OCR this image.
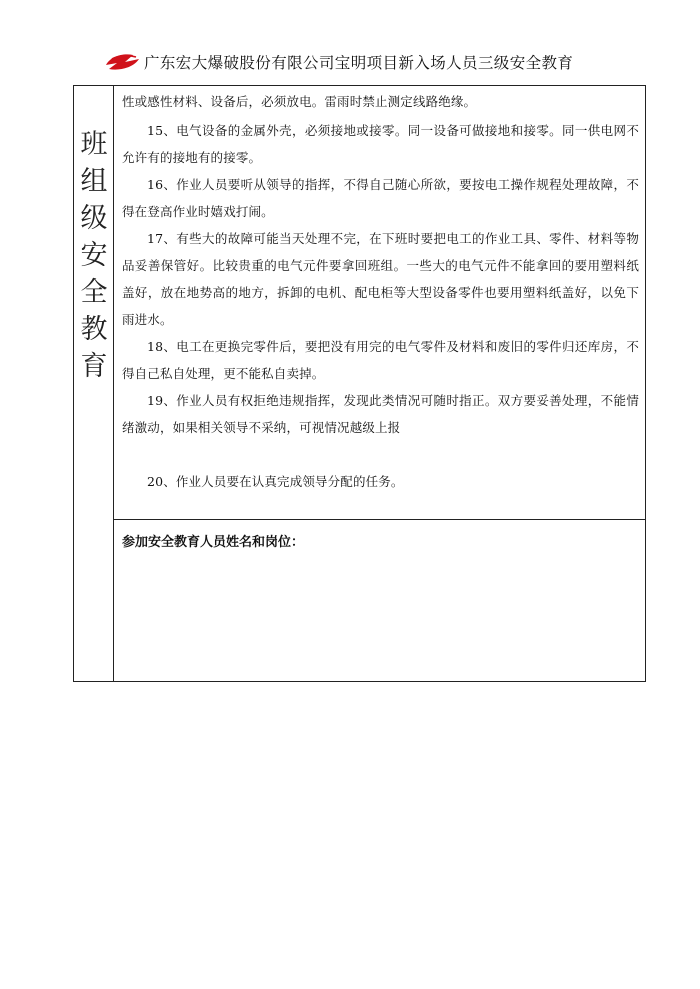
广东宏大爆破股份有限公司宝明项目新入场人员三级安全教育
班
组
级
安
全
教
育

性或感性材料、设备后，必须放电。雷雨时禁止测定线路绝缘。

15、电气设备的金属外壳，必须接地或接零。同一设备可做接地和接零。同一供电网不允许有的接地有的接零。

16、作业人员要听从领导的指挥，不得自己随心所欲，要按电工操作规程处理故障，不得在登高作业时嬉戏打闹。

17、有些大的故障可能当天处理不完，在下班时要把电工的作业工具、零件、材料等物品妥善保管好。比较贵重的电气元件要拿回班组。一些大的电气元件不能拿回的要用塑料纸盖好，放在地势高的地方，拆卸的电机、配电柜等大型设备零件也要用塑料纸盖好，以免下雨进水。

18、电工在更换完零件后，要把没有用完的电气零件及材料和废旧的零件归还库房，不得自己私自处理，更不能私自卖掉。

19、作业人员有权拒绝违规指挥，发现此类情况可随时指正。双方要妥善处理，不能情绪激动，如果相关领导不采纳，可视情况越级上报

20、作业人员要在认真完成领导分配的任务。

参加安全教育人员姓名和岗位：
